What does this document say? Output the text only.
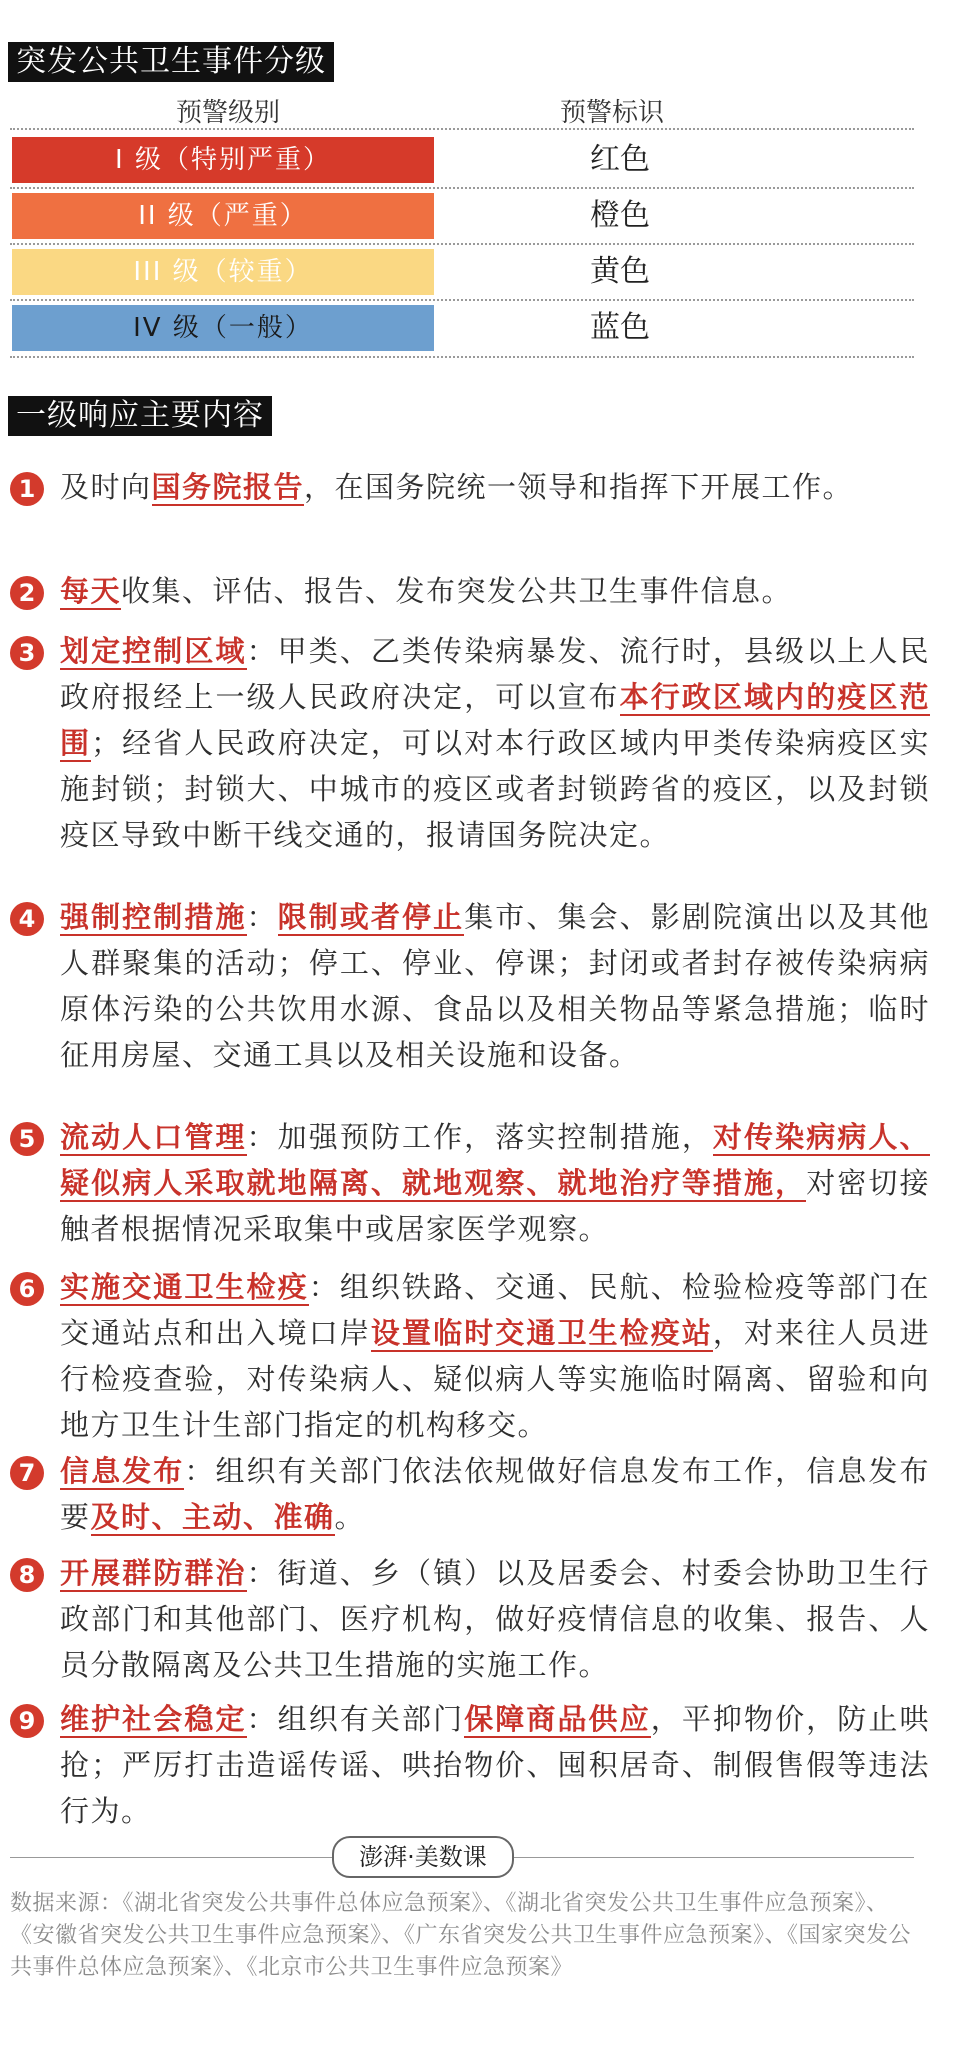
突发公共卫生事件分级
预警级别	预警标识
I 级（特别严重）	红色
II 级（严重）	橙色
III 级（较重）	黄色
IV 级（一般）	蓝色
一级响应主要内容
1 及时向国务院报告，在国务院统一领导和指挥下开展工作。
2 每天收集、评估、报告、发布突发公共卫生事件信息。
3 划定控制区域：甲类、乙类传染病暴发、流行时，县级以上人民政府报经上一级人民政府决定，可以宣布本行政区域内的疫区范围；经省人民政府决定，可以对本行政区域内甲类传染病疫区实施封锁；封锁大、中城市的疫区或者封锁跨省的疫区，以及封锁疫区导致中断干线交通的，报请国务院决定。
4 强制控制措施：限制或者停止集市、集会、影剧院演出以及其他人群聚集的活动；停工、停业、停课；封闭或者封存被传染病病原体污染的公共饮用水源、食品以及相关物品等紧急措施；临时征用房屋、交通工具以及相关设施和设备。
5 流动人口管理：加强预防工作，落实控制措施，对传染病病人、疑似病人采取就地隔离、就地观察、就地治疗等措施，对密切接触者根据情况采取集中或居家医学观察。
6 实施交通卫生检疫：组织铁路、交通、民航、检验检疫等部门在交通站点和出入境口岸设置临时交通卫生检疫站，对来往人员进行检疫查验，对传染病人、疑似病人等实施临时隔离、留验和向地方卫生计生部门指定的机构移交。
7 信息发布：组织有关部门依法依规做好信息发布工作，信息发布要及时、主动、准确。
8 开展群防群治：街道、乡（镇）以及居委会、村委会协助卫生行政部门和其他部门、医疗机构，做好疫情信息的收集、报告、人员分散隔离及公共卫生措施的实施工作。
9 维护社会稳定：组织有关部门保障商品供应，平抑物价，防止哄抢；严厉打击造谣传谣、哄抬物价、囤积居奇、制假售假等违法行为。
澎湃·美数课
数据来源：《湖北省突发公共事件总体应急预案》、《湖北省突发公共卫生事件应急预案》、《安徽省突发公共卫生事件应急预案》、《广东省突发公共卫生事件应急预案》、《国家突发公共事件总体应急预案》、《北京市公共卫生事件应急预案》
